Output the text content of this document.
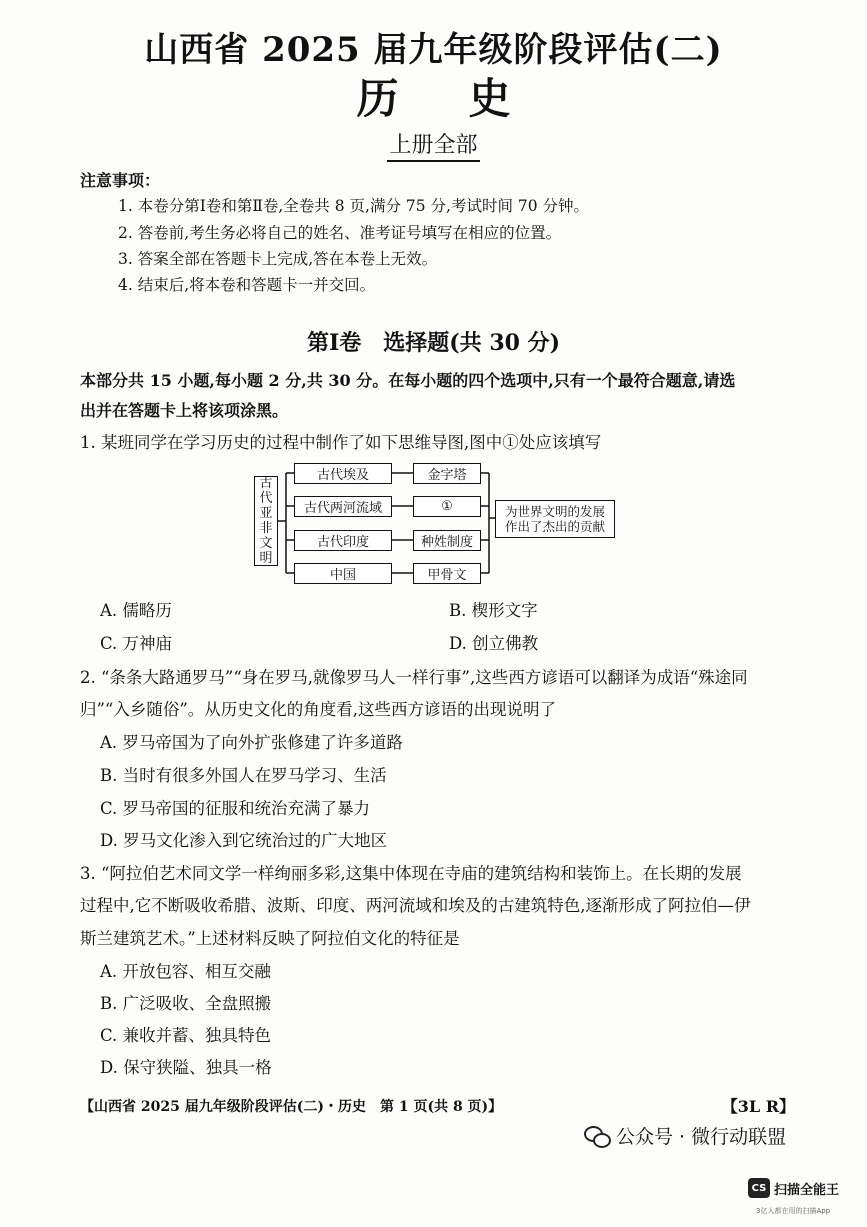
山西省 2025 届九年级阶段评估(二)
历史
上册全部
注意事项：
1. 本卷分第Ⅰ卷和第Ⅱ卷,全卷共 8 页,满分 75 分,考试时间 70 分钟。
2. 答卷前,考生务必将自己的姓名、准考证号填写在相应的位置。
3. 答案全部在答题卡上完成,答在本卷上无效。
4. 结束后,将本卷和答题卡一并交回。
第Ⅰ卷　选择题(共 30 分)
本部分共 15 小题,每小题 2 分,共 30 分。在每小题的四个选项中,只有一个最符合题意,请选
出并在答题卡上将该项涂黑。
1. 某班同学在学习历史的过程中制作了如下思维导图,图中①处应该填写
古
代
亚
非
文
明
古代埃及	金字塔
古代两河流域	①
古代印度	种姓制度
中国	甲骨文
为世界文明的发展
作出了杰出的贡献
A. 儒略历	B. 楔形文字
C. 万神庙	D. 创立佛教
2. “条条大路通罗马”“身在罗马,就像罗马人一样行事”,这些西方谚语可以翻译为成语“殊途同
归”“入乡随俗”。从历史文化的角度看,这些西方谚语的出现说明了
A. 罗马帝国为了向外扩张修建了许多道路
B. 当时有很多外国人在罗马学习、生活
C. 罗马帝国的征服和统治充满了暴力
D. 罗马文化渗入到它统治过的广大地区
3. “阿拉伯艺术同文学一样绚丽多彩,这集中体现在寺庙的建筑结构和装饰上。在长期的发展
过程中,它不断吸收希腊、波斯、印度、两河流域和埃及的古建筑特色,逐渐形成了阿拉伯—伊
斯兰建筑艺术。”上述材料反映了阿拉伯文化的特征是
A. 开放包容、相互交融
B. 广泛吸收、全盘照搬
C. 兼收并蓄、独具特色
D. 保守狭隘、独具一格
【山西省 2025 届九年级阶段评估(二)・历史　第 1 页(共 8 页)】	【3L R】
公众号 · 微行动联盟
CS 扫描全能王
3亿人都在用的扫描App
